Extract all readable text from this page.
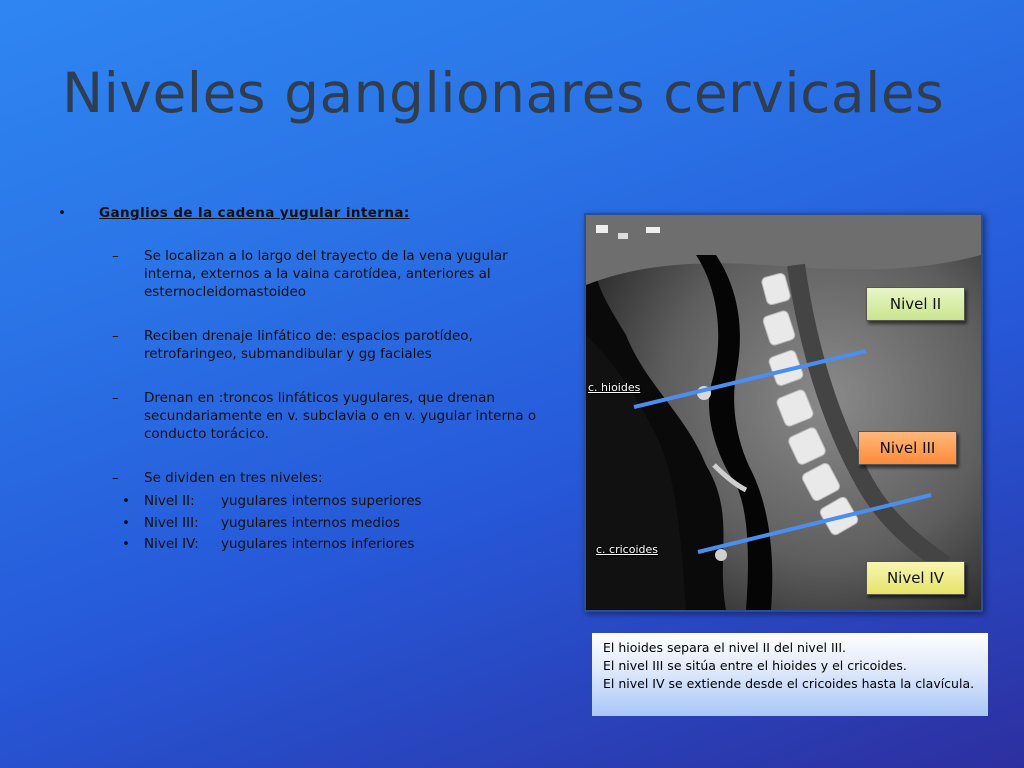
Niveles ganglionares cervicales
• Ganglios de la cadena yugular interna:
– Se localizan a lo largo del trayecto de la vena yugular interna, externos a la vaina carotídea, anteriores al esternocleidomastoideo
– Reciben drenaje linfático de: espacios parotídeo, retrofaringeo, submandibular y gg faciales
– Drenan en :troncos linfáticos yugulares, que drenan secundariamente en v. subclavia o en v. yugular interna o conducto torácico.
– Se dividen en tres niveles:
• Nivel II: yugulares internos superiores
• Nivel III: yugulares internos medios
• Nivel IV: yugulares internos inferiores
c. hioides
c. cricoides
Nivel II
Nivel III
Nivel IV
El hioides separa el nivel II del nivel III.
El nivel III se sitúa entre el hioides y el cricoides.
El nivel IV se extiende desde el cricoides hasta la clavícula.
